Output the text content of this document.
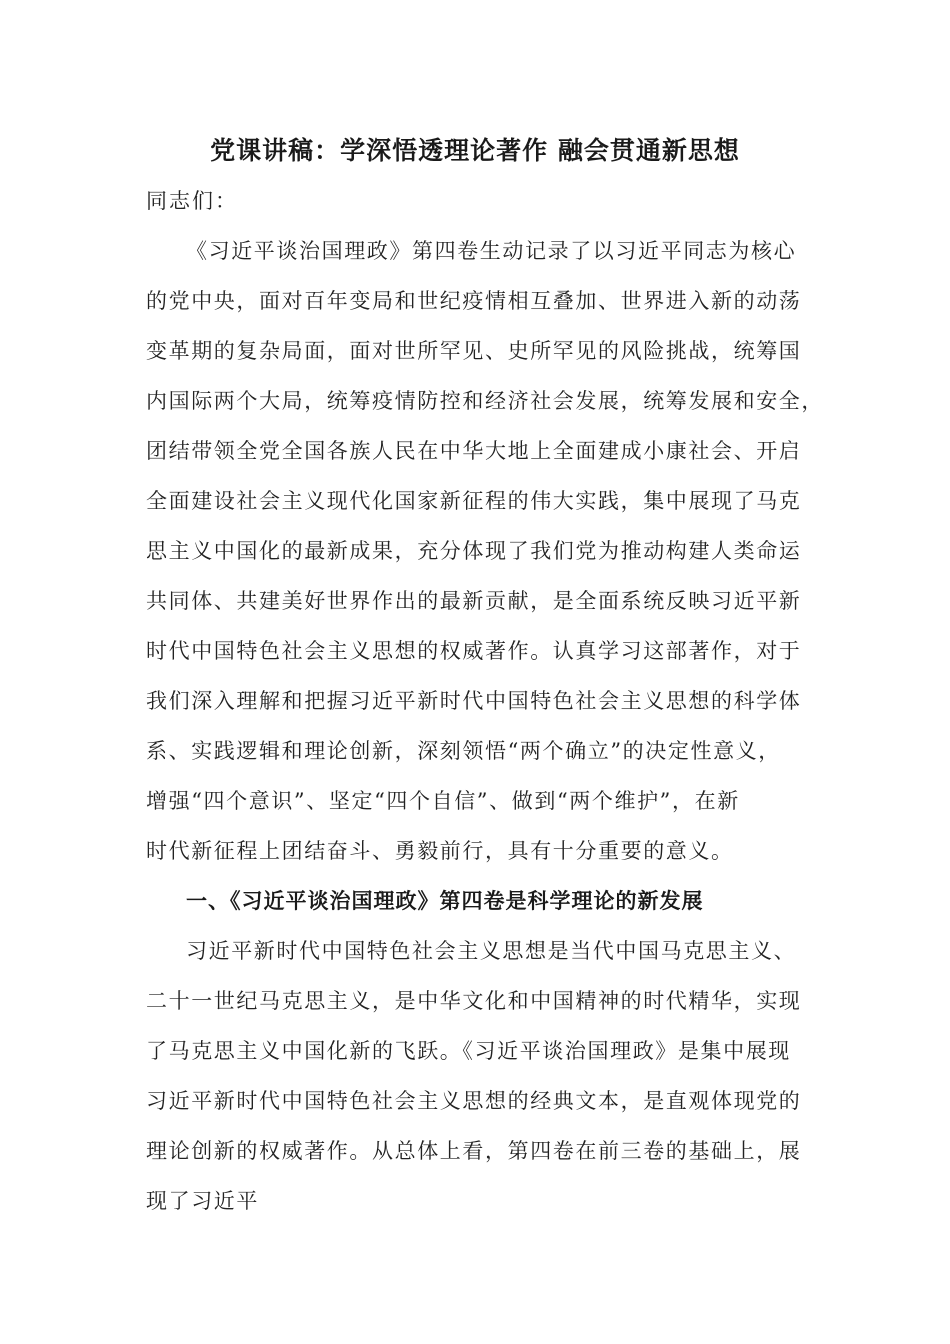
党课讲稿：学深悟透理论著作 融会贯通新思想
同志们：
《习近平谈治国理政》第四卷生动记录了以习近平同志为核心
的党中央，面对百年变局和世纪疫情相互叠加、世界进入新的动荡
变革期的复杂局面，面对世所罕见、史所罕见的风险挑战，统筹国
内国际两个大局，统筹疫情防控和经济社会发展，统筹发展和安全，
团结带领全党全国各族人民在中华大地上全面建成小康社会、开启
全面建设社会主义现代化国家新征程的伟大实践，集中展现了马克
思主义中国化的最新成果，充分体现了我们党为推动构建人类命运
共同体、共建美好世界作出的最新贡献，是全面系统反映习近平新
时代中国特色社会主义思想的权威著作。认真学习这部著作，对于
我们深入理解和把握习近平新时代中国特色社会主义思想的科学体
系、实践逻辑和理论创新，深刻领悟“两个确立”的决定性意义，
增强“四个意识”、坚定“四个自信”、做到“两个维护”，在新
时代新征程上团结奋斗、勇毅前行，具有十分重要的意义。
一、《习近平谈治国理政》第四卷是科学理论的新发展
习近平新时代中国特色社会主义思想是当代中国马克思主义、
二十一世纪马克思主义，是中华文化和中国精神的时代精华，实现
了马克思主义中国化新的飞跃。《习近平谈治国理政》是集中展现
习近平新时代中国特色社会主义思想的经典文本，是直观体现党的
理论创新的权威著作。从总体上看，第四卷在前三卷的基础上，展
现了习近平
